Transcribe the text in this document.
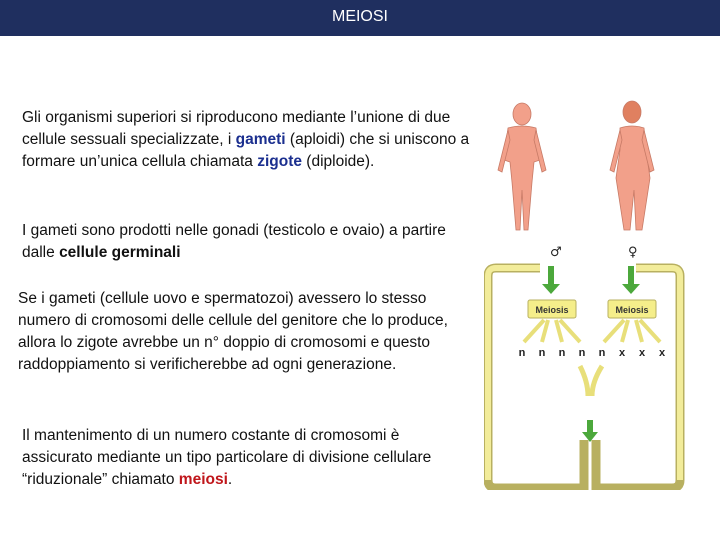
MEIOSI
Gli organismi superiori si riproducono mediante l’unione di due cellule sessuali specializzate, i gameti (aploidi) che si uniscono a formare un’unica cellula chiamata zigote (diploide).
I gameti sono prodotti nelle gonadi (testicolo e ovaio) a partire dalle cellule germinali
Se i gameti (cellule uovo e spermatozoi) avessero lo stesso numero di cromosomi delle cellule del genitore che lo produce, allora lo zigote avrebbe un n° doppio di cromosomi e questo raddoppiamento si verificherebbe ad ogni generazione.
Il mantenimento di un numero costante di cromosomi è assicurato mediante un tipo particolare di divisione cellulare “riduzionale” chiamato meiosi.
♂	♀
Meiosis	Meiosis
n n n n n x x x
